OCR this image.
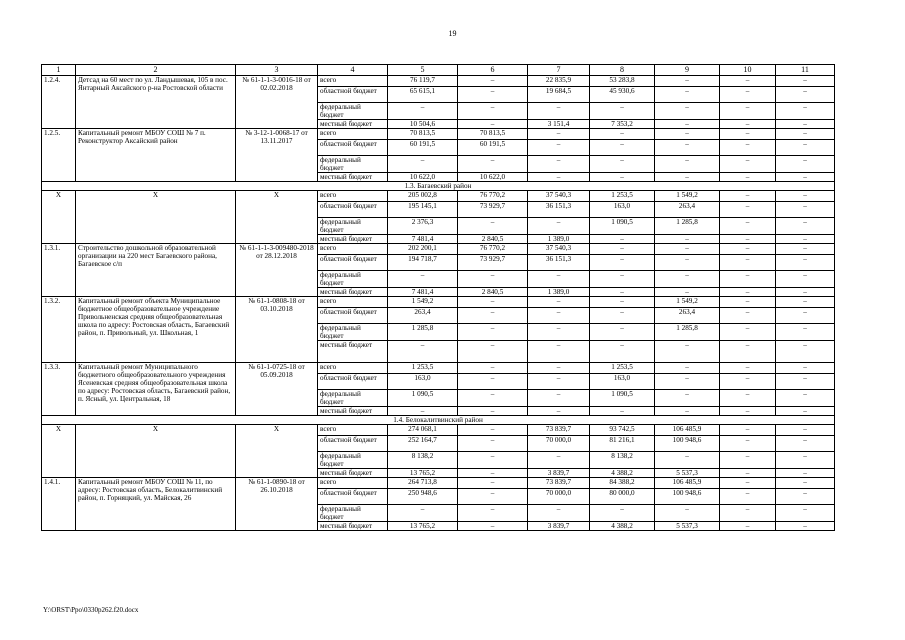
19
1	2	3	4	5	6	7	8	9	10	11
1.2.4.	Детсад на 60 мест по ул. Ландышевая, 105 в пос. Янтарный Аксайского р-на Ростовской области	№ 61-1-1-3-0016-18 от 02.02.2018	всего	76 119,7	–	22 835,9	53 283,8	–	–	–
			областной бюджет	65 615,1	–	19 684,5	45 930,6	–	–	–
			федеральный бюджет	–	–	–	–	–	–	–
			местный бюджет	10 504,6	–	3 151,4	7 353,2	–	–	–
1.2.5.	Капитальный ремонт МБОУ СОШ № 7 п. Реконструктор Аксайский район	№ 3-12-1-0068-17 от 13.11.2017	всего	70 813,5	70 813,5	–	–	–	–	–
			областной бюджет	60 191,5	60 191,5	–	–	–	–	–
			федеральный бюджет	–	–	–	–	–	–	–
			местный бюджет	10 622,0	10 622,0	–	–	–	–	–
1.3. Багаевский район										
Х	Х	Х	всего	205 002,8	76 770,2	37 540,3	1 253,5	1 549,2	–	–
			областной бюджет	195 145,1	73 929,7	36 151,3	163,0	263,4	–	–
			федеральный бюджет	2 376,3	–	–	1 090,5	1 285,8	–	–
			местный бюджет	7 481,4	2 840,5	1 389,0	–	–	–	–
1.3.1.	Строительство дошкольной образовательной организации на 220 мест Багаевского района, Багаевское с/п	№ 61-1-1-3-009480-2018 от 28.12.2018	всего	202 200,1	76 770,2	37 540,3	–	–	–	–
			областной бюджет	194 718,7	73 929,7	36 151,3	–	–	–	–
			федеральный бюджет	–	–	–	–	–	–	–
			местный бюджет	7 481,4	2 840,5	1 389,0	–	–	–	–
1.3.2.	Капитальный ремонт объекта Муниципальное бюджетное общеобразовательное учреждение Привольненская средняя общеобразовательная школа по адресу: Ростовская область, Багаевский район, п. Привольный, ул. Школьная, 1	№ 61-1-0808-18 от 03.10.2018	всего	1 549,2	–	–	–	1 549,2	–	–
			областной бюджет	263,4	–	–	–	263,4	–	–
			федеральный бюджет	1 285,8	–	–	–	1 285,8	–	–
			местный бюджет	–	–	–	–	–	–	–
1.3.3.	Капитальный ремонт Муниципального бюджетного общеобразовательного учреждения Ясеневская средняя общеобразовательная школа по адресу: Ростовская область, Багаевский район, п. Ясный, ул. Центральная, 18	№ 61-1-0725-18 от 05.09.2018	всего	1 253,5	–	–	1 253,5	–	–	–
			областной бюджет	163,0	–	–	163,0	–	–	–
			федеральный бюджет	1 090,5	–	–	1 090,5	–	–	–
			местный бюджет	–	–	–	–	–	–	–
1.4. Белокалитвинский район										
Х	Х	Х	всего	274 068,1	–	73 839,7	93 742,5	106 485,9	–	–
			областной бюджет	252 164,7	–	70 000,0	81 216,1	100 948,6	–	–
			федеральный бюджет	8 138,2	–	–	8 138,2	–	–	–
			местный бюджет	13 765,2	–	3 839,7	4 388,2	5 537,3	–	–
1.4.1.	Капитальный ремонт МБОУ СОШ № 11, по адресу: Ростовская область, Белокалитвинский район, п. Горняцкий, ул. Майская, 26	№ 61-1-0890-18 от 26.10.2018	всего	264 713,8	–	73 839,7	84 388,2	106 485,9	–	–
			областной бюджет	250 948,6	–	70 000,0	80 000,0	100 948,6	–	–
			федеральный бюджет	–	–	–	–	–	–	–
			местный бюджет	13 765,2	–	3 839,7	4 388,2	5 537,3	–	–
Y:\ORST\Ppo\0330p262.f20.docx
